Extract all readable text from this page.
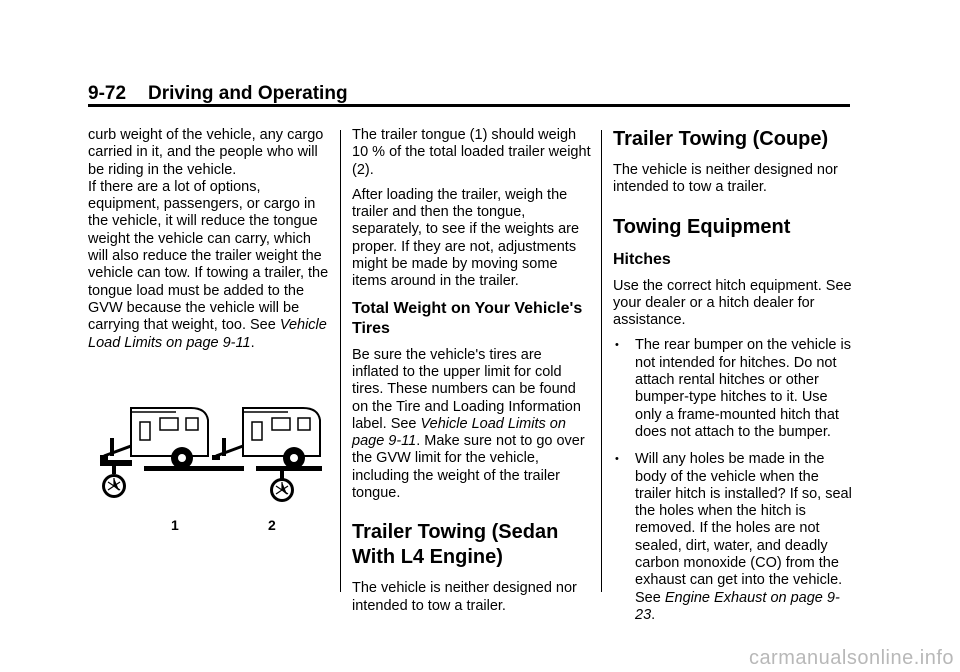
9-72 Driving and Operating

curb weight of the vehicle, any cargo carried in it, and the people who will be riding in the vehicle.

If there are a lot of options, equipment, passengers, or cargo in the vehicle, it will reduce the tongue weight the vehicle can carry, which will also reduce the trailer weight the vehicle can tow. If towing a trailer, the tongue load must be added to the GVW because the vehicle will be carrying that weight, too. See Vehicle Load Limits on page 9-11.

1	2

The trailer tongue (1) should weigh 10 % of the total loaded trailer weight (2).

After loading the trailer, weigh the trailer and then the tongue, separately, to see if the weights are proper. If they are not, adjustments might be made by moving some items around in the trailer.

Total Weight on Your Vehicle's Tires

Be sure the vehicle's tires are inflated to the upper limit for cold tires. These numbers can be found on the Tire and Loading Information label. See Vehicle Load Limits on page 9-11. Make sure not to go over the GVW limit for the vehicle, including the weight of the trailer tongue.

Trailer Towing (Sedan With L4 Engine)

The vehicle is neither designed nor intended to tow a trailer.

Trailer Towing (Coupe)

The vehicle is neither designed nor intended to tow a trailer.

Towing Equipment
Hitches

Use the correct hitch equipment. See your dealer or a hitch dealer for assistance.

• The rear bumper on the vehicle is not intended for hitches. Do not attach rental hitches or other bumper-type hitches to it. Use only a frame-mounted hitch that does not attach to the bumper.
• Will any holes be made in the body of the vehicle when the trailer hitch is installed? If so, seal the holes when the hitch is removed. If the holes are not sealed, dirt, water, and deadly carbon monoxide (CO) from the exhaust can get into the vehicle. See Engine Exhaust on page 9-23.
carmanualsonline.info
